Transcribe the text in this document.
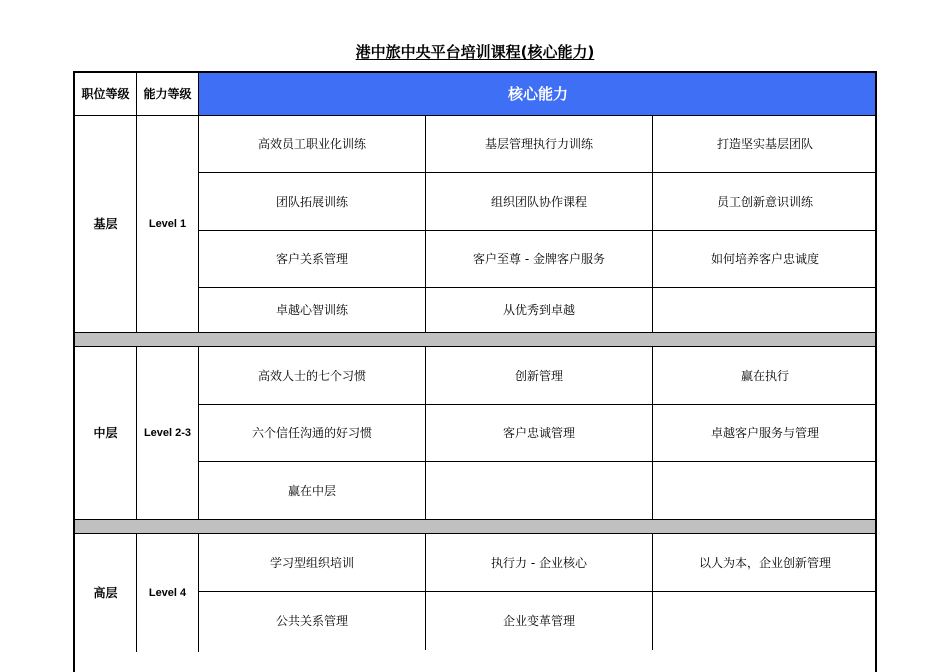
港中旅中央平台培训课程(核心能力)
职位等级	能力等级	核心能力
基层	Level 1
高效员工职业化训练	基层管理执行力训练	打造坚实基层团队
团队拓展训练	组织团队协作课程	员工创新意识训练
客户关系管理	客户至尊 - 金牌客户服务	如何培养客户忠诚度
卓越心智训练	从优秀到卓越
中层	Level 2-3
高效人士的七个习惯	创新管理	赢在执行
六个信任沟通的好习惯	客户忠诚管理	卓越客户服务与管理
赢在中层
高层	Level 4
学习型组织培训	执行力 - 企业核心	以人为本，企业创新管理
公共关系管理	企业变革管理
